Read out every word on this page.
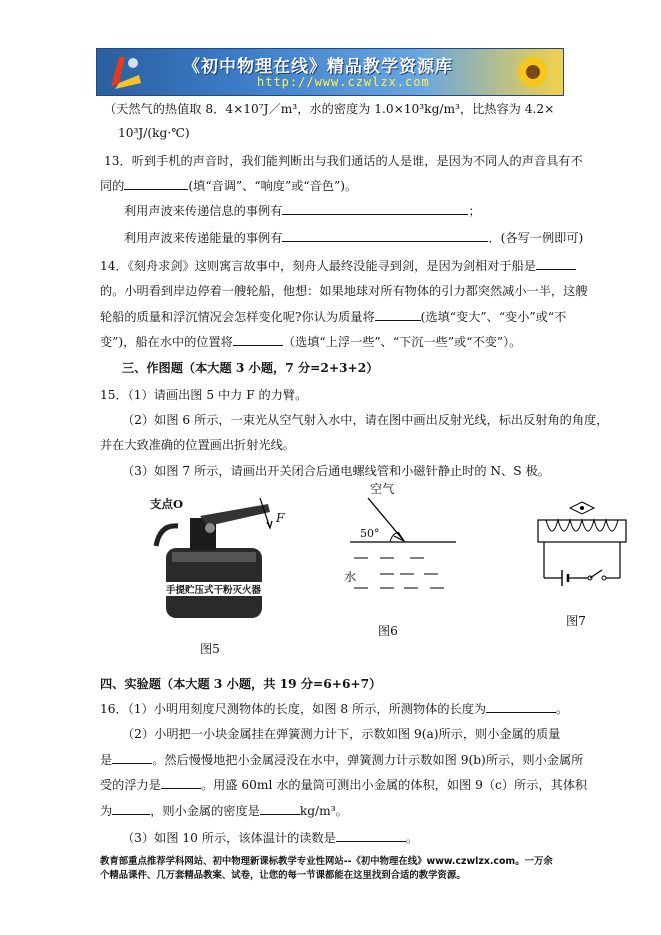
《初中物理在线》精品教学资源库
http://www.czwlzx.com
（天然气的热值取 8．4×10⁷J／m³，水的密度为 1.0×10³kg/m³，比热容为 4.2×
10³J/(kg·℃)
13．听到手机的声音时，我们能判断出与我们通话的人是谁，是因为不同人的声音具有不
同的	(填“音调”、“响度”或“音色”)。
利用声波来传递信息的事例有	；
利用声波来传递能量的事例有	．(各写一例即可)
14．《刻舟求剑》这则寓言故事中，刻舟人最终没能寻到剑，是因为剑相对于船是
的。小明看到岸边停着一艘轮船，他想：如果地球对所有物体的引力都突然减小一半，这艘
轮船的质量和浮沉情况会怎样变化呢?你认为质量将	(选填“变大”、“变小”或“不
变”)，船在水中的位置将	（选填“上浮一些”、“下沉一些”或“不变”）。
三、作图题（本大题 3 小题，7 分=2+3+2）
15．（1）请画出图 5 中力 F 的力臂。
（2）如图 6 所示，一束光从空气射入水中，请在图中画出反射光线，标出反射角的角度，
并在大致准确的位置画出折射光线。
（3）如图 7 所示，请画出开关闭合后通电螺线管和小磁针静止时的 N、S 极。
支点O
F
手提贮压式干粉灭火器
图5
空气
50°
水
图6
图7
四、实验题（本大题 3 小题，共 19 分=6+6+7）
16．（1）小明用刻度尺测物体的长度，如图 8 所示，所测物体的长度为	。
（2）小明把一小块金属挂在弹簧测力计下，示数如图 9(a)所示，则小金属的质量
是	。然后慢慢地把小金属浸没在水中，弹簧测力计示数如图 9(b)所示，则小金属所
受的浮力是	。用盛 60ml 水的量筒可测出小金属的体积，如图 9（c）所示，其体积
为	，则小金属的密度是	kg/m³。
（3）如图 10 所示，该体温计的读数是	。
教育部重点推荐学科网站、初中物理新课标教学专业性网站--《初中物理在线》www.czwlzx.com。一万余
个精品课件、几万套精品教案、试卷，让您的每一节课都能在这里找到合适的教学资源。
